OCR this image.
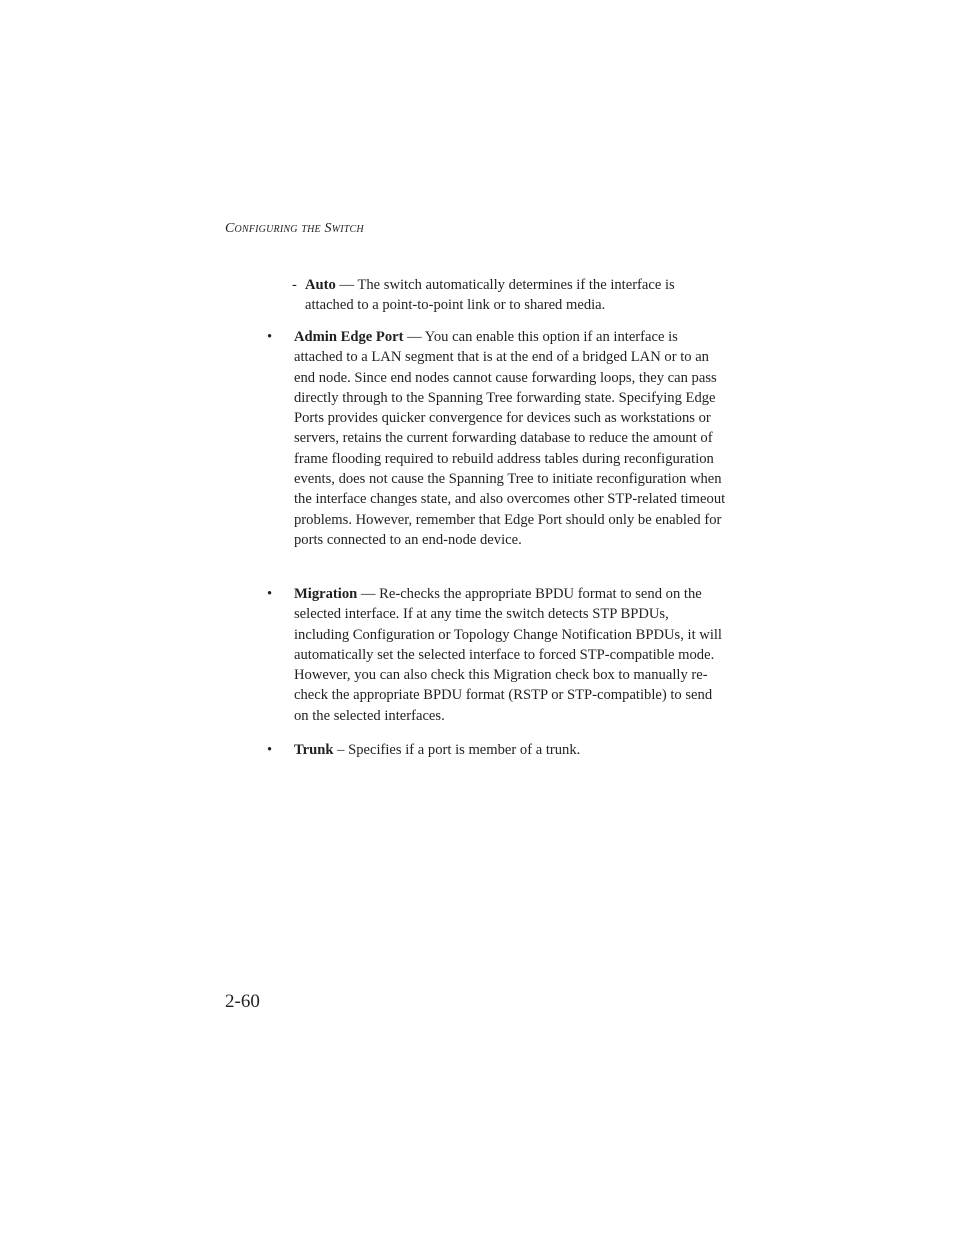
Configuring the Switch
- Auto — The switch automatically determines if the interface is attached to a point-to-point link or to shared media.
• Admin Edge Port — You can enable this option if an interface is attached to a LAN segment that is at the end of a bridged LAN or to an end node. Since end nodes cannot cause forwarding loops, they can pass directly through to the Spanning Tree forwarding state. Specifying Edge Ports provides quicker convergence for devices such as workstations or servers, retains the current forwarding database to reduce the amount of frame flooding required to rebuild address tables during reconfiguration events, does not cause the Spanning Tree to initiate reconfiguration when the interface changes state, and also overcomes other STP-related timeout problems. However, remember that Edge Port should only be enabled for ports connected to an end-node device.
• Migration — Re-checks the appropriate BPDU format to send on the selected interface. If at any time the switch detects STP BPDUs, including Configuration or Topology Change Notification BPDUs, it will automatically set the selected interface to forced STP-compatible mode. However, you can also check this Migration check box to manually re-check the appropriate BPDU format (RSTP or STP-compatible) to send on the selected interfaces.
• Trunk – Specifies if a port is member of a trunk.
2-60
